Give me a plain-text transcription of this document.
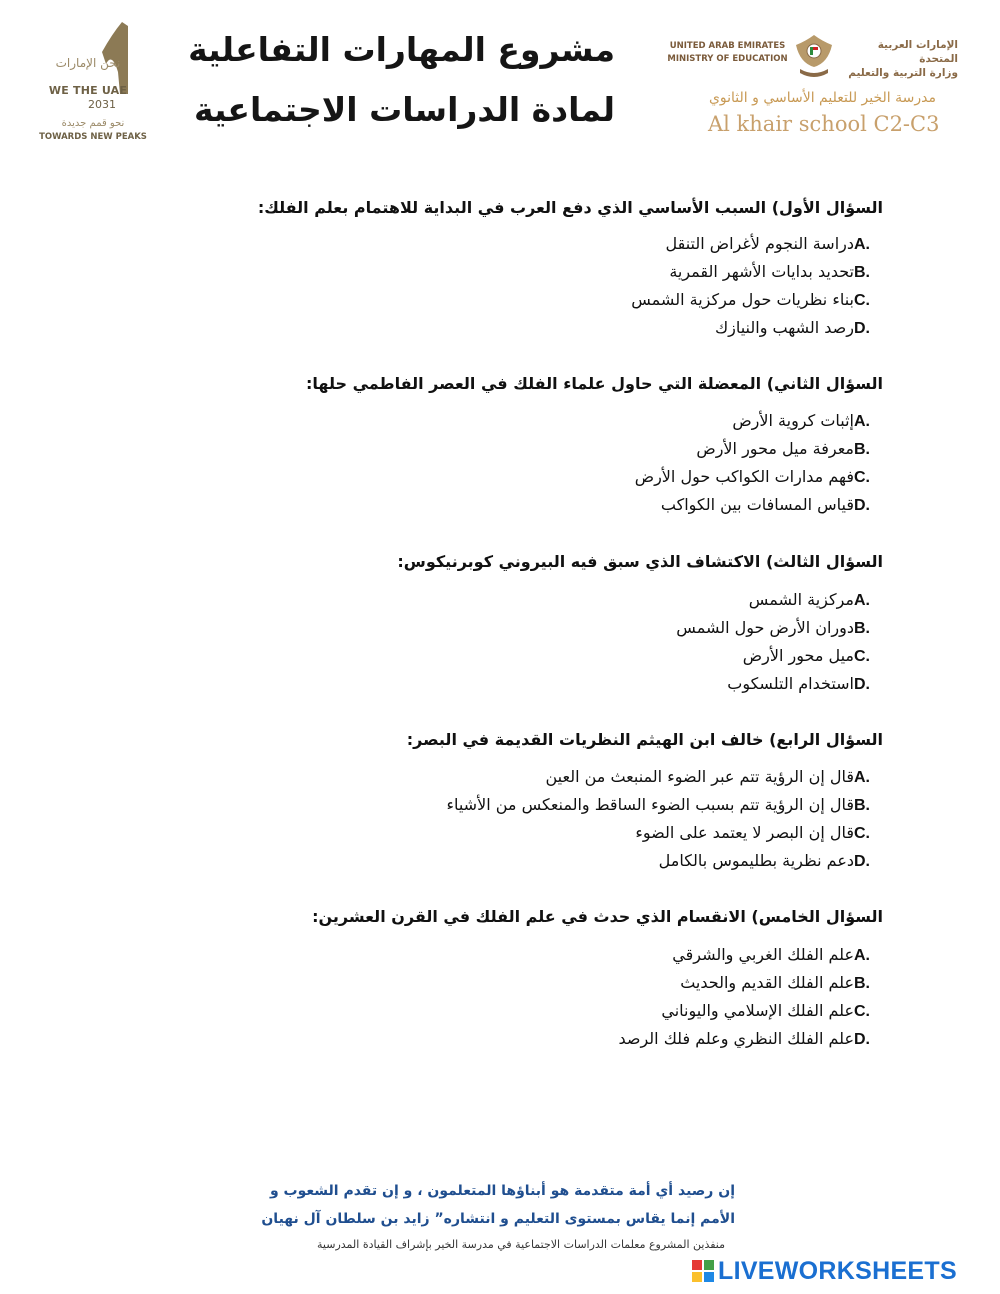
نحن الإمارات
WE THE UAE
2031
نحو قمم جديدة
TOWARDS NEW PEAKS
مشروع المهارات التفاعلية
لمادة الدراسات الاجتماعية
UNITED ARAB EMIRATES
MINISTRY OF EDUCATION
الإمارات العربية المتحدة
وزارة التربية والتعليم
مدرسة الخير للتعليم الأساسي و الثانوي
Al khair school C2-C3
السؤال الأول) السبب الأساسي الذي دفع العرب في البداية للاهتمام بعلم الفلك:
A.دراسة النجوم لأغراض التنقل
B.تحديد بدايات الأشهر القمرية
C.بناء نظريات حول مركزية الشمس
D.رصد الشهب والنيازك
السؤال الثاني) المعضلة التي حاول علماء الفلك في العصر الفاطمي حلها:
A.إثبات كروية الأرض
B.معرفة ميل محور الأرض
C.فهم مدارات الكواكب حول الأرض
D.قياس المسافات بين الكواكب
السؤال الثالث) الاكتشاف الذي سبق فيه البيروني كوبرنيكوس:
A.مركزية الشمس
B.دوران الأرض حول الشمس
C.ميل محور الأرض
D.استخدام التلسكوب
السؤال الرابع) خالف ابن الهيثم النظريات القديمة في البصر:
A.قال إن الرؤية تتم عبر الضوء المنبعث من العين
B.قال إن الرؤية تتم بسبب الضوء الساقط والمنعكس من الأشياء
C.قال إن البصر لا يعتمد على الضوء
D.دعم نظرية بطليموس بالكامل
السؤال الخامس) الانقسام الذي حدث في علم الفلك في القرن العشرين:
A.علم الفلك الغربي والشرقي
B.علم الفلك القديم والحديث
C.علم الفلك الإسلامي واليوناني
D.علم الفلك النظري وعلم فلك الرصد
إن رصيد أي أمة متقدمة هو أبناؤها المتعلمون ، و إن تقدم الشعوب و
الأمم إنما يقاس بمستوى التعليم و انتشاره” زايد بن سلطان آل نهيان
منفذين المشروع معلمات الدراسات الاجتماعية في مدرسة الخير بإشراف القيادة المدرسية
LIVEWORKSHEETS
